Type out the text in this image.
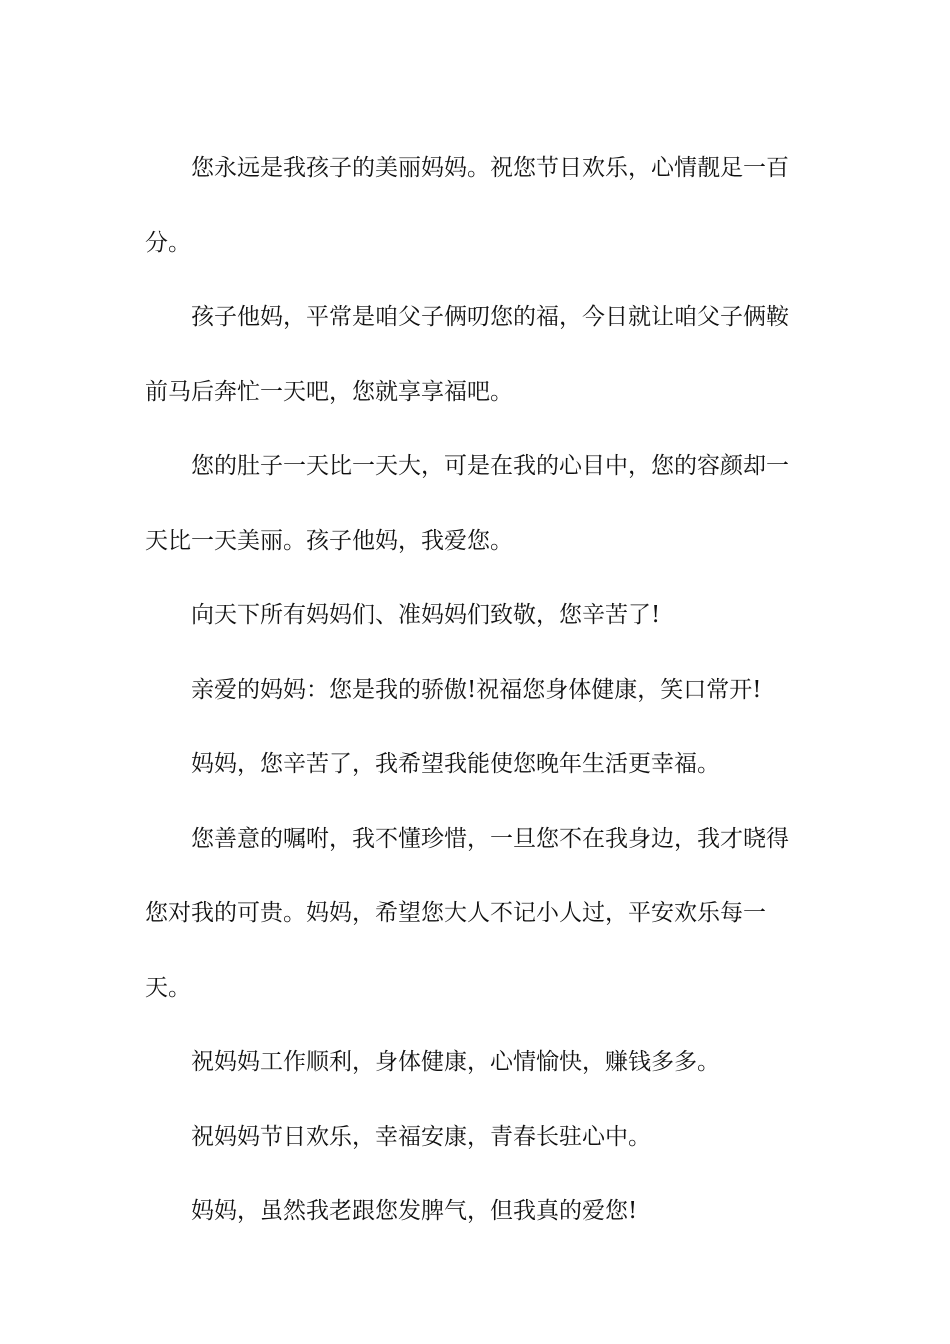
您永远是我孩子的美丽妈妈。祝您节日欢乐，心情靓足一百分。

孩子他妈，平常是咱父子俩叨您的福，今日就让咱父子俩鞍前马后奔忙一天吧，您就享享福吧。

您的肚子一天比一天大，可是在我的心目中，您的容颜却一天比一天美丽。孩子他妈，我爱您。

向天下所有妈妈们、准妈妈们致敬，您辛苦了!

亲爱的妈妈：您是我的骄傲!祝福您身体健康，笑口常开!

妈妈，您辛苦了，我希望我能使您晚年生活更幸福。

您善意的嘱咐，我不懂珍惜，一旦您不在我身边，我才晓得您对我的可贵。妈妈，希望您大人不记小人过，平安欢乐每一天。

祝妈妈工作顺利，身体健康，心情愉快，赚钱多多。

祝妈妈节日欢乐，幸福安康，青春长驻心中。

妈妈，虽然我老跟您发脾气，但我真的爱您!
